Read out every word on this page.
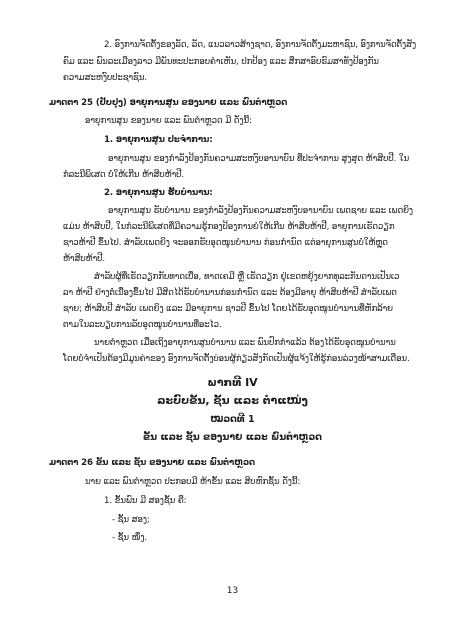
2. ອົງການຈັດຕັ້ງຂອງລັດ, ລັດ, ແນວລາວສ້າງຊາດ, ອົງການຈັດຕັ້ງມະຫາຊົນ, ອົງການຈັດຕັ້ງສັງ
ຄົມ ແລະ ພົນລະເມືອງລາວ ມີພັນທະປະກອບຄຳເຫັນ, ປກປ້ອງ ແລະ ສຶກສາອົບຮົມສາທັງປ້ອງກັນ
ຄວາມສະຫງົບປະຊາຊົນ.
ມາດຕາ 25 (ປັບປຸງ) ອາຍຸການສູນ ຂອງນາຍ ແລະ ພົນຕຳຫຼວດ
ອາຍຸການສູນ ຂອງນາຍ ແລະ ພົນຕຳຫຼວດ ມີ ດັ່ງນີ້:
1. ອາຍຸການສູນ ປະຈຳການ:
ອາຍຸການສູນ ຂອງກຳລັງປ້ອງກັນຄວາມສະຫງົບອານາບົນ ທີ່ປະຈຳການ ສູງສຸດ ຫ້າສິບປີ. ໃນ
ກໍລະນີພິເສດ ບໍ່ໃຫ້ເກີນ ຫ້າສິບຫ້າປີ.
2. ອາຍຸການສູນ ຮັບບຳນານ:
ອາຍຸການສູນ ຮັບບຳນານ ຂອງກຳລັງປ້ອງກັນຄວາມສະຫງົບອານາບົນ ເພດຊາຍ ແລະ ເພດຍິງ
ແມ່ນ ຫ້າສິບປີ, ໃນກໍລະນີພິເສດທີ່ມີຄວາມຮູ້ກອງປ້ອງການຍໍໃຫ້ເກີນ ຫ້າສິບຫ້າປີ, ອາຍຸການເຮັດວຽກ
ຊາວຫ້າປີ ຂຶ້ນໄປ. ສຳລັບເພດຍິງ ຈະອອກຮັບອຸດໜູນບຳນານ ກ່ອນກຳນົດ ແຕ່ອາຍຸການສູນບໍ່ໃຫ້ຫຼຸດ
ຫ້າສິບຫ້າປີ.
ສຳລັບຜູ້ທີ່ເຮັດວຽກກັບທາດເບື່ອ, ທາດເຄມີ ຫຼື ເຮັດວຽກ ຢູ່ເຂດຫຍຸ້ງຍາກທຸລະກັນດານເປັນເວ
ລາ ຫ້າປີ ຢ່າງຕໍ່ເນື່ອງຂຶ້ນໄປ ມີສິດໄດ້ຮັບບຳນານກ່ອນກຳນົດ ແລະ ຕ້ອງມີອາຍຸ ຫ້າສິບຫ້າປີ ສຳລັບເພດ
ຊາຍ; ຫ້າສິບປີ ສຳລັບ ເພດຍິງ ແລະ ມີອາຍຸການ ຊາວປີ ຂຶ້ນໄປ ໂດຍໄດ້ຮັບອຸດໜູນບຳນານທີ່ຫັກລ້າຍ
ຕາມໃນລະບຽບການລັບອຸດໜູນບຳນານທີ່ອະໄວ.
ນາຍຕຳຫຼວດ ເມື່ອເຖິງອາຍຸການສູນບຳນານ ແລະ ພົນປົກກຳແລ້ວ ຕ້ອງໄດ້ຮັບອຸດໜູນບຳນານ
ໂດຍບໍ່ຈຳເປັນຕ້ອງມີມູນຄ່າຂອງ ອົງການຈັດຕັ້ງບ່ອນຜູ້ກ່ຽວສັງກັດເປັນຜູ້ແຈ້ງໃຫ້ຮູ້ກ່ອນລ່ວງໜ້າສາມເດືອນ.
ພາກທີ IV
ລະບົບຂັ້ນ, ຊັ້ນ ແລະ ຕຳແໜ່ງ
ໝວດທີ 1
ຂັ້ນ ແລະ ຊັ້ນ ຂອງນາຍ ແລະ ພົນຕຳຫຼວດ
ມາດຕາ 26 ຂັ້ນ ແລະ ຊັ້ນ ຂອງນາຍ ແລະ ພົນຕຳຫຼວດ
ນາຍ ແລະ ພົນຕຳຫຼວດ ປະກອບມີ ຫ້າຂັ້ນ ແລະ ສິບຫົກຊັ້ນ ດັ່ງນີ້:
1. ຂັ້ນພົນ ມີ ສອງຊັ້ນ ຄື:
- ຊັ້ນ ສອງ;
- ຊັ້ນ ໜຶ່ງ.
13
